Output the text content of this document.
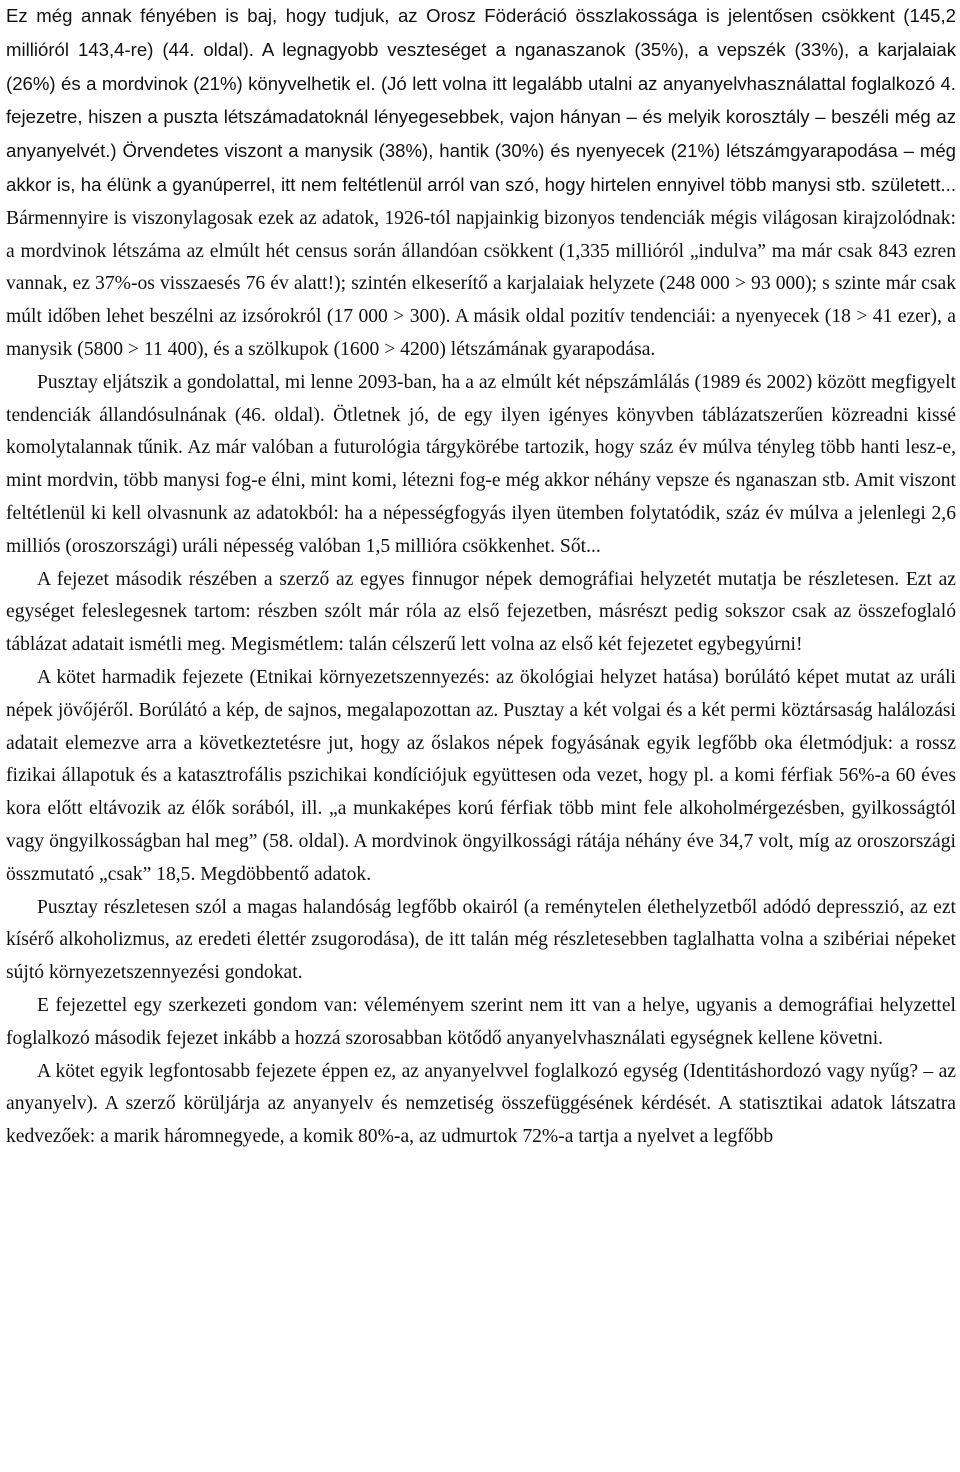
Ez még annak fényében is baj, hogy tudjuk, az Orosz Föderáció összlakossága is jelentősen csökkent (145,2 millióról 143,4-re) (44. oldal). A legnagyobb veszteséget a nganaszanok (35%), a vepszék (33%), a karjalaiak (26%) és a mordvinok (21%) könyvelhetik el. (Jó lett volna itt legalább utalni az anyanyelvhasználattal foglalkozó 4. fejezetre, hiszen a puszta létszámadatoknál lényegesebbek, vajon hányan – és melyik korosztály – beszéli még az anyanyelvét.) Örvendetes viszont a manysik (38%), hantik (30%) és nyenyecek (21%) létszámgyarapodása – még akkor is, ha élünk a gyanúperrel, itt nem feltétlenül arról van szó, hogy hirtelen ennyivel több manysi stb. született... Bármennyire is viszonylagosak ezek az adatok, 1926-tól napjainkig bizonyos tendenciák mégis világosan kirajzolódnak: a mordvinok létszáma az elmúlt hét census során állandóan csökkent (1,335 millióról „indulva” ma már csak 843 ezren vannak, ez 37%-os visszaesés 76 év alatt!); szintén elkeserítő a karjalaiak helyzete (248 000 > 93 000); s szinte már csak múlt időben lehet beszélni az izsórokról (17 000 > 300). A másik oldal pozitív tendenciái: a nyenyecek (18 > 41 ezer), a manysik (5800 > 11 400), és a szölkupok (1600 > 4200) létszámának gyarapodása.

Pusztay eljátszik a gondolattal, mi lenne 2093-ban, ha a az elmúlt két népszámlálás (1989 és 2002) között megfigyelt tendenciák állandósulnának (46. oldal). Ötletnek jó, de egy ilyen igényes könyvben táblázatszerűen közreadni kissé komolytalannak tűnik. Az már valóban a futurológia tárgykörébe tartozik, hogy száz év múlva tényleg több hanti lesz-e, mint mordvin, több manysi fog-e élni, mint komi, létezni fog-e még akkor néhány vepsze és nganaszan stb. Amit viszont feltétlenül ki kell olvasnunk az adatokból: ha a népességfogyás ilyen ütemben folytatódik, száz év múlva a jelenlegi 2,6 milliós (oroszországi) uráli népesség valóban 1,5 millióra csökkenhet. Sőt...

A fejezet második részében a szerző az egyes finnugor népek demográfiai helyzetét mutatja be részletesen. Ezt az egységet feleslegesnek tartom: részben szólt már róla az első fejezetben, másrészt pedig sokszor csak az összefoglaló táblázat adatait ismétli meg. Megismétlem: talán célszerű lett volna az első két fejezetet egybegyúrni!

A kötet harmadik fejezete (Etnikai környezetszennyezés: az ökológiai helyzet hatása) borúlátó képet mutat az uráli népek jövőjéről. Borúlátó a kép, de sajnos, megalapozottan az. Pusztay a két volgai és a két permi köztársaság halálozási adatait elemezve arra a következtetésre jut, hogy az őslakos népek fogyásának egyik legfőbb oka életmódjuk: a rossz fizikai állapotuk és a katasztrofális pszichikai kondíciójuk együttesen oda vezet, hogy pl. a komi férfiak 56%-a 60 éves kora előtt eltávozik az élők sorából, ill. „a munkaképes korú férfiak több mint fele alkoholmérgezésben, gyilkosságtól vagy öngyilkosságban hal meg” (58. oldal). A mordvinok öngyilkossági rátája néhány éve 34,7 volt, míg az oroszországi összmutató „csak” 18,5. Megdöbbentő adatok.

Pusztay részletesen szól a magas halandóság legfőbb okairól (a reménytelen élethelyzetből adódó depresszió, az ezt kísérő alkoholizmus, az eredeti élettér zsugorodása), de itt talán még részletesebben taglalhatta volna a szibériai népeket sújtó környezetszennyezési gondokat.

E fejezettel egy szerkezeti gondom van: véleményem szerint nem itt van a helye, ugyanis a demográfiai helyzettel foglalkozó második fejezet inkább a hozzá szorosabban kötődő anyanyelvhasználati egységnek kellene követni.

A kötet egyik legfontosabb fejezete éppen ez, az anyanyelvvel foglalkozó egység (Identitáshordozó vagy nyűg? – az anyanyelv). A szerző körüljárja az anyanyelv és nemzetiség összefüggésének kérdését. A statisztikai adatok látszatra kedvezőek: a marik háromnegyede, a komik 80%-a, az udmurtok 72%-a tartja a nyelvet a legfőbb
